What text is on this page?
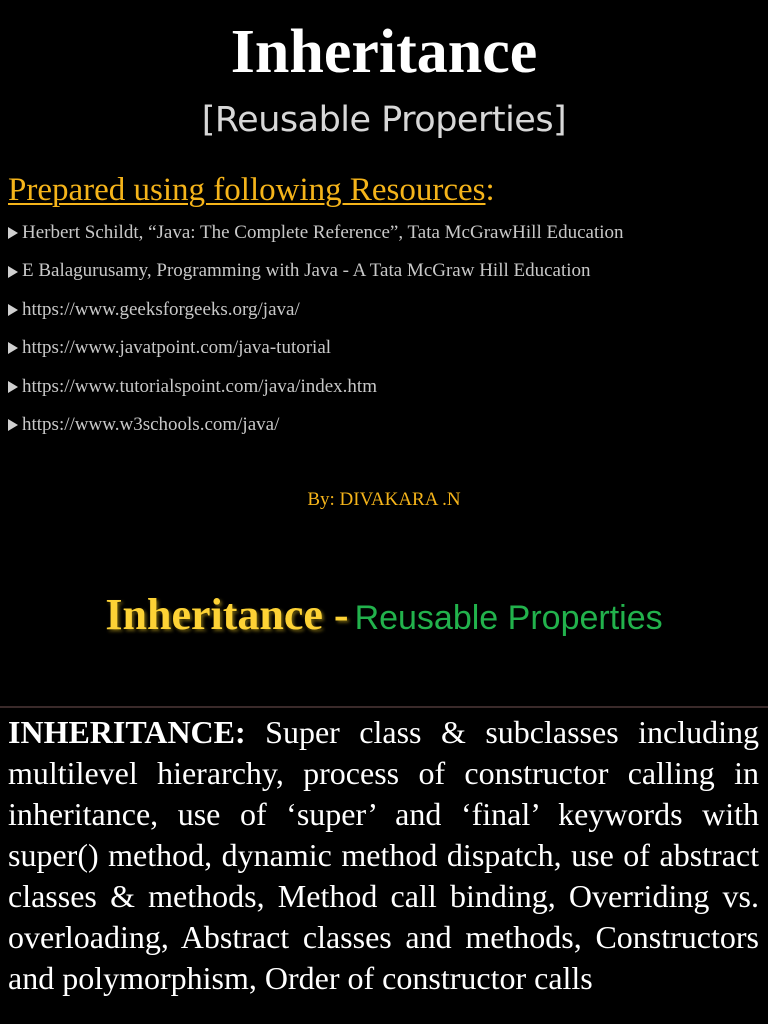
Inheritance
[Reusable Properties]
Prepared using following Resources:
Herbert Schildt, “Java: The Complete Reference”, Tata McGrawHill Education
E Balagurusamy, Programming with Java - A Tata McGraw Hill Education
https://www.geeksforgeeks.org/java/
https://www.javatpoint.com/java-tutorial
https://www.tutorialspoint.com/java/index.htm
https://www.w3schools.com/java/
By: DIVAKARA .N
Inheritance - Reusable Properties

INHERITANCE: Super class & subclasses including multilevel hierarchy, process of constructor calling in inheritance, use of ‘super’ and ‘final’ keywords with super() method, dynamic method dispatch, use of abstract classes & methods, Method call binding, Overriding vs. overloading, Abstract classes and methods, Constructors and polymorphism, Order of constructor calls
